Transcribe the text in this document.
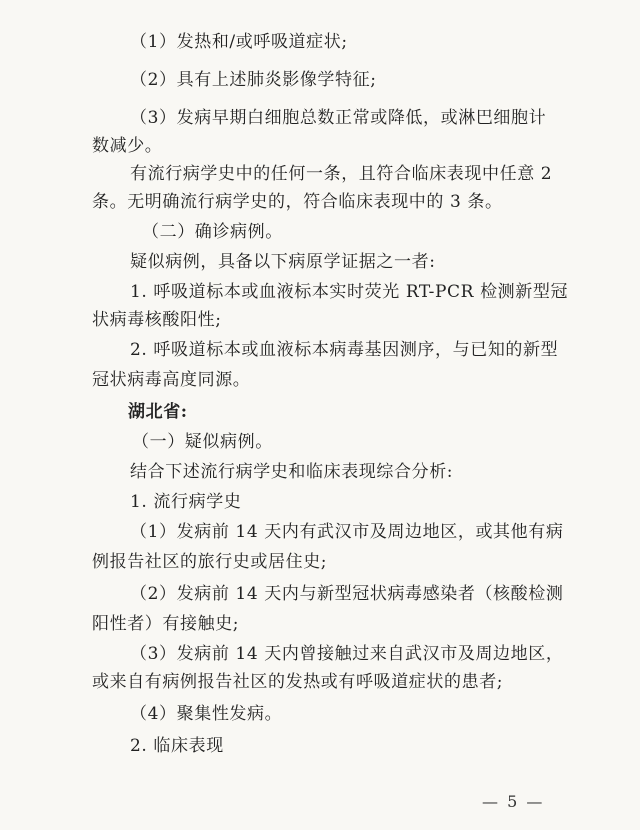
（1）发热和/或呼吸道症状;
（2）具有上述肺炎影像学特征;
（3）发病早期白细胞总数正常或降低，或淋巴细胞计
数减少。
有流行病学史中的任何一条，且符合临床表现中任意 2
条。无明确流行病学史的，符合临床表现中的 3 条。
（二）确诊病例。
疑似病例，具备以下病原学证据之一者:
1. 呼吸道标本或血液标本实时荧光 RT-PCR 检测新型冠
状病毒核酸阳性;
2. 呼吸道标本或血液标本病毒基因测序，与已知的新型
冠状病毒高度同源。
湖北省:
（一）疑似病例。
结合下述流行病学史和临床表现综合分析:
1. 流行病学史
（1）发病前 14 天内有武汉市及周边地区，或其他有病
例报告社区的旅行史或居住史;
（2）发病前 14 天内与新型冠状病毒感染者（核酸检测
阳性者）有接触史;
（3）发病前 14 天内曾接触过来自武汉市及周边地区，
或来自有病例报告社区的发热或有呼吸道症状的患者;
（4）聚集性发病。
2. 临床表现
— 5 —
